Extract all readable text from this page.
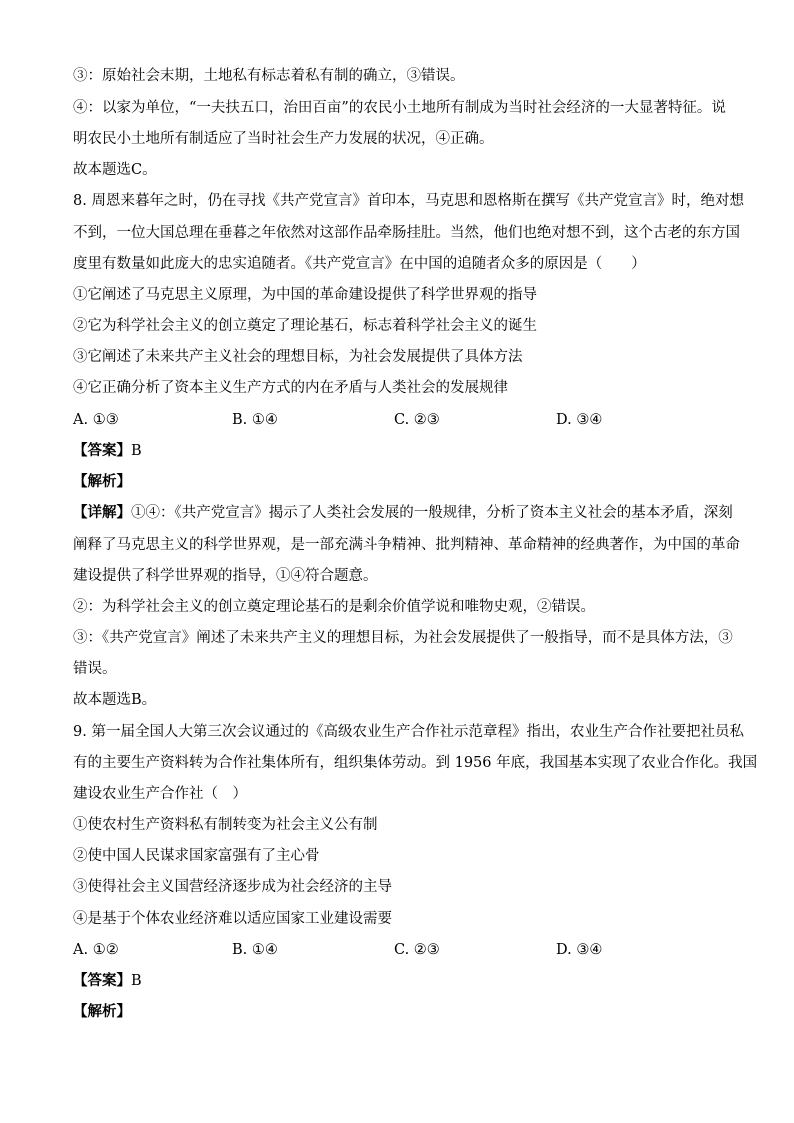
③：原始社会末期，土地私有标志着私有制的确立，③错误。
④：以家为单位，“一夫扶五口，治田百亩”的农民小土地所有制成为当时社会经济的一大显著特征。说
明农民小土地所有制适应了当时社会生产力发展的状况，④正确。
故本题选C。
8. 周恩来暮年之时，仍在寻找《共产党宣言》首印本，马克思和恩格斯在撰写《共产党宣言》时，绝对想
不到，一位大国总理在垂暮之年依然对这部作品牵肠挂肚。当然，他们也绝对想不到，这个古老的东方国
度里有数量如此庞大的忠实追随者。《共产党宣言》在中国的追随者众多的原因是（　　）
①它阐述了马克思主义原理，为中国的革命建设提供了科学世界观的指导
②它为科学社会主义的创立奠定了理论基石，标志着科学社会主义的诞生
③它阐述了未来共产主义社会的理想目标，为社会发展提供了具体方法
④它正确分析了资本主义生产方式的内在矛盾与人类社会的发展规律
A. ①③	B. ①④	C. ②③	D. ③④
【答案】B
【解析】
【详解】①④：《共产党宣言》揭示了人类社会发展的一般规律，分析了资本主义社会的基本矛盾，深刻
阐释了马克思主义的科学世界观，是一部充满斗争精神、批判精神、革命精神的经典著作，为中国的革命
建设提供了科学世界观的指导，①④符合题意。
②：为科学社会主义的创立奠定理论基石的是剩余价值学说和唯物史观，②错误。
③：《共产党宣言》阐述了未来共产主义的理想目标，为社会发展提供了一般指导，而不是具体方法，③
错误。
故本题选B。
9. 第一届全国人大第三次会议通过的《高级农业生产合作社示范章程》指出，农业生产合作社要把社员私
有的主要生产资料转为合作社集体所有，组织集体劳动。到 1956 年底，我国基本实现了农业合作化。我国
建设农业生产合作社（　）
①使农村生产资料私有制转变为社会主义公有制
②使中国人民谋求国家富强有了主心骨
③使得社会主义国营经济逐步成为社会经济的主导
④是基于个体农业经济难以适应国家工业建设需要
A. ①②	B. ①④	C. ②③	D. ③④
【答案】B
【解析】
